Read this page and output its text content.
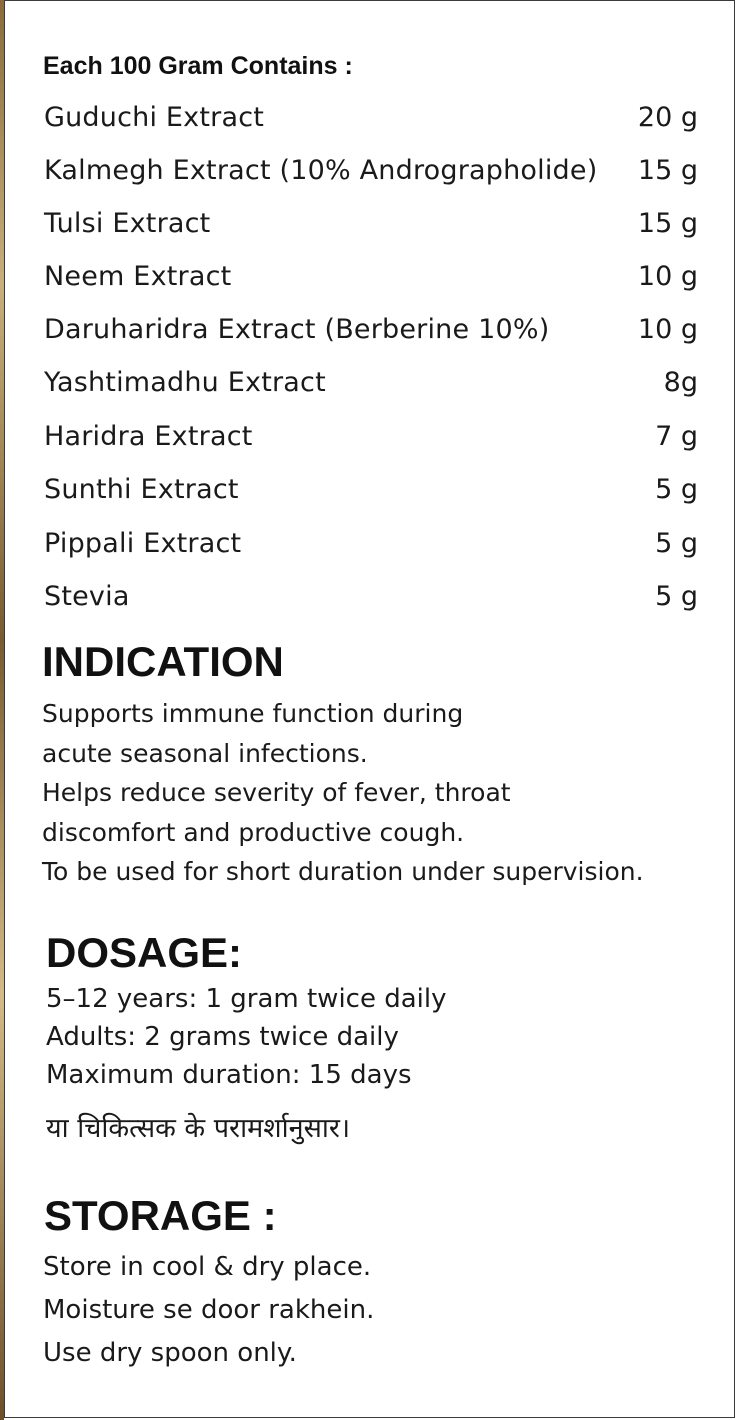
Each 100 Gram Contains :
Guduchi Extract	20 g
Kalmegh Extract (10% Andrographolide) 15 g
Tulsi Extract	15 g
Neem Extract	10 g
Daruharidra Extract (Berberine 10%)	10 g
Yashtimadhu Extract	8g
Haridra Extract	7 g
Sunthi Extract	5 g
Pippali Extract	5 g
Stevia	5 g
INDICATION
Supports immune function during
acute seasonal infections.
Helps reduce severity of fever, throat
discomfort and productive cough.
To be used for short duration under supervision.
DOSAGE:
5–12 years: 1 gram twice daily
Adults: 2 grams twice daily
Maximum duration: 15 days
या चिकित्सक के परामर्शानुसार।
STORAGE :
Store in cool & dry place.
Moisture se door rakhein.
Use dry spoon only.
